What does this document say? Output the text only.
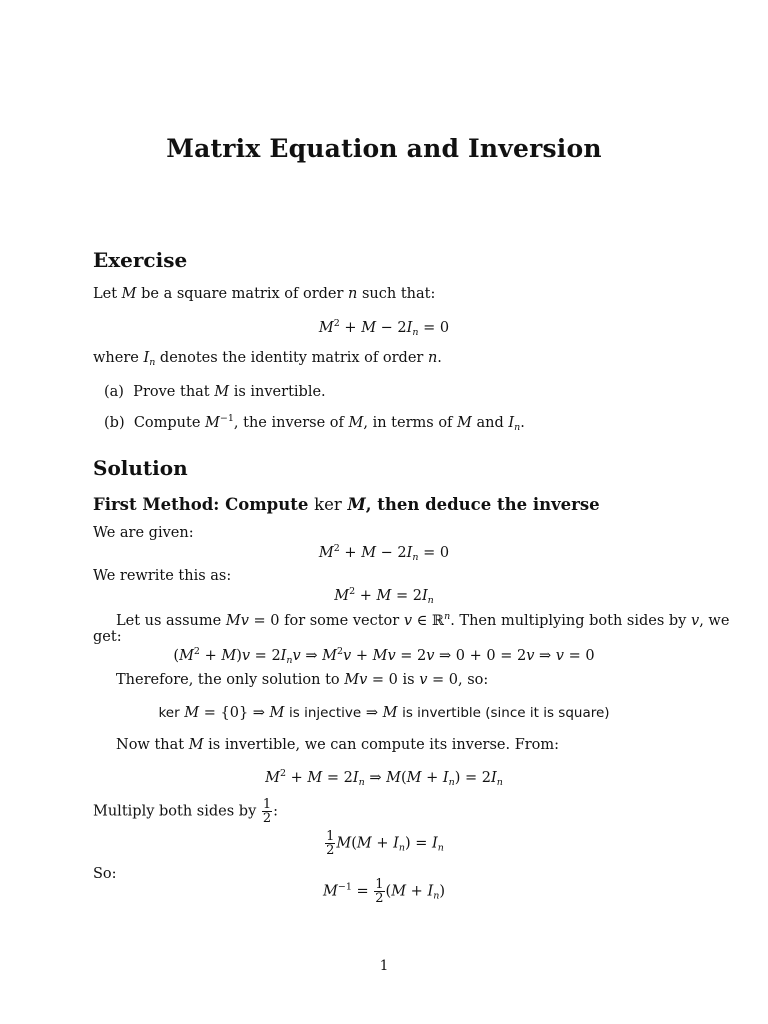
Matrix Equation and Inversion
Exercise
Let M be a square matrix of order n such that:
$M^2 + M - 2I_n = 0$
where $I_n$ denotes the identity matrix of order n.
(a)  Prove that M is invertible.
(b)  Compute $M^{-1}$, the inverse of M, in terms of M and $I_n$.
Solution
First Method: Compute ker M, then deduce the inverse
We are given:
$M^2 + M - 2I_n = 0$
We rewrite this as:
$M^2 + M = 2I_n$
Let us assume Mv = 0 for some vector v ∈ ℝ$^n$. Then multiplying both sides by v, we
get:
$(M^2 + M)v = 2I_nv$ ⇒ $M^2v + Mv = 2v$ ⇒ 0 + 0 = 2v ⇒ v = 0
Therefore, the only solution to Mv = 0 is v = 0, so:
ker M = {0} ⇒ M is injective ⇒ M is invertible (since it is square)
Now that M is invertible, we can compute its inverse. From:
$M^2 + M = 2I_n$ ⇒ $M(M + I_n) = 2I_n$
Multiply both sides by $\frac{1}{2}$ :
$\frac{1}{2} M(M + I_n) = I_n$
So:
$M^{-1} = \frac{1}{2} (M + I_n)$
1
